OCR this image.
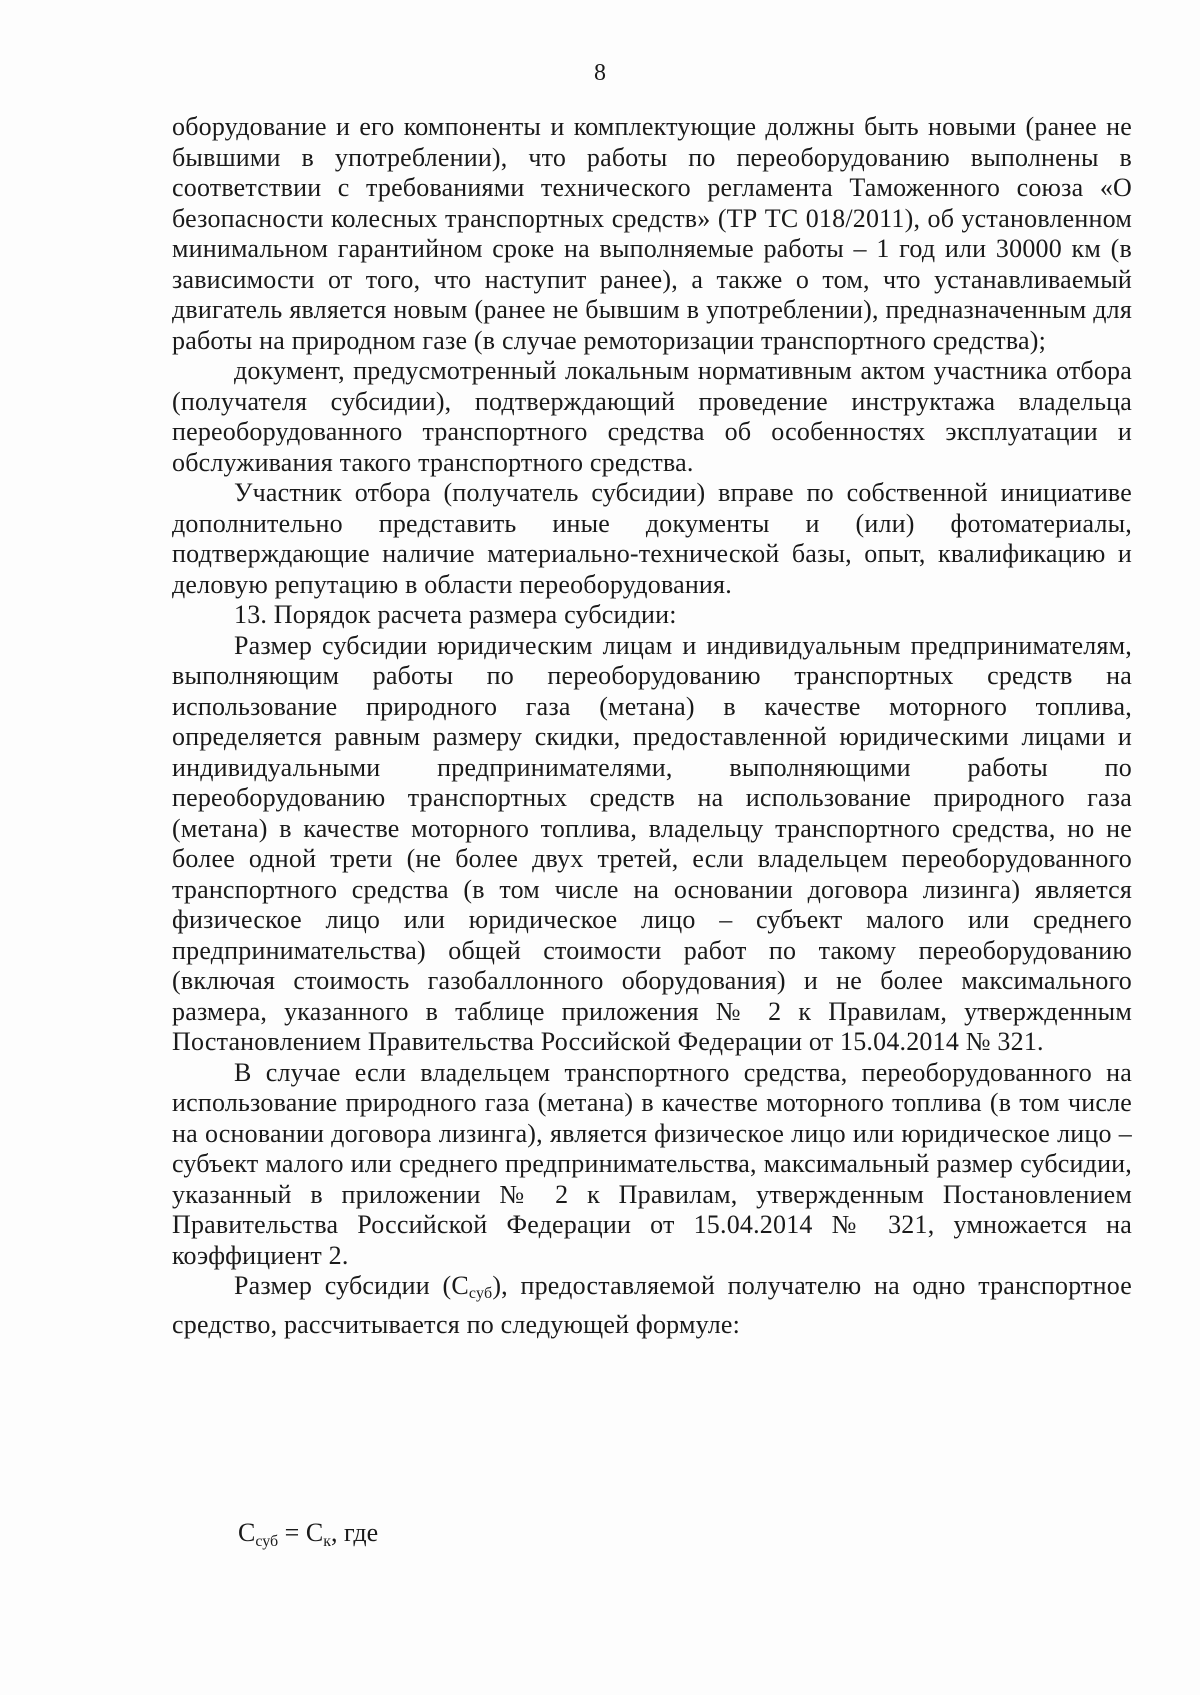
8

оборудование и его компоненты и комплектующие должны быть новыми (ранее не бывшими в употреблении), что работы по переоборудованию выполнены в соответствии с требованиями технического регламента Таможенного союза «О безопасности колесных транспортных средств» (ТР ТС 018/2011), об установленном минимальном гарантийном сроке на выполняемые работы – 1 год или 30000 км (в зависимости от того, что наступит ранее), а также о том, что устанавливаемый двигатель является новым (ранее не бывшим в употреблении), предназначенным для работы на природном газе (в случае ремоторизации транспортного средства);

документ, предусмотренный локальным нормативным актом участника отбора (получателя субсидии), подтверждающий проведение инструктажа владельца переоборудованного транспортного средства об особенностях эксплуатации и обслуживания такого транспортного средства.

Участник отбора (получатель субсидии) вправе по собственной инициативе дополнительно представить иные документы и (или) фотоматериалы, подтверждающие наличие материально-технической базы, опыт, квалификацию и деловую репутацию в области переоборудования.

13. Порядок расчета размера субсидии:

Размер субсидии юридическим лицам и индивидуальным предпринимателям, выполняющим работы по переоборудованию транспортных средств на использование природного газа (метана) в качестве моторного топлива, определяется равным размеру скидки, предоставленной юридическими лицами и индивидуальными предпринимателями, выполняющими работы по переоборудованию транспортных средств на использование природного газа (метана) в качестве моторного топлива, владельцу транспортного средства, но не более одной трети (не более двух третей, если владельцем переоборудованного транспортного средства (в том числе на основании договора лизинга) является физическое лицо или юридическое лицо – субъект малого или среднего предпринимательства) общей стоимости работ по такому переоборудованию (включая стоимость газобаллонного оборудования) и не более максимального размера, указанного в таблице приложения № 2 к Правилам, утвержденным Постановлением Правительства Российской Федерации от 15.04.2014 № 321.

В случае если владельцем транспортного средства, переоборудованного на использование природного газа (метана) в качестве моторного топлива (в том числе на основании договора лизинга), является физическое лицо или юридическое лицо – субъект малого или среднего предпринимательства, максимальный размер субсидии, указанный в приложении № 2 к Правилам, утвержденным Постановлением Правительства Российской Федерации от 15.04.2014 № 321, умножается на коэффициент 2.

Размер субсидии $(С_{суб})$, предоставляемой получателю на одно транспортное средство, рассчитывается по следующей формуле:

$С_{суб} = С_к$, где
